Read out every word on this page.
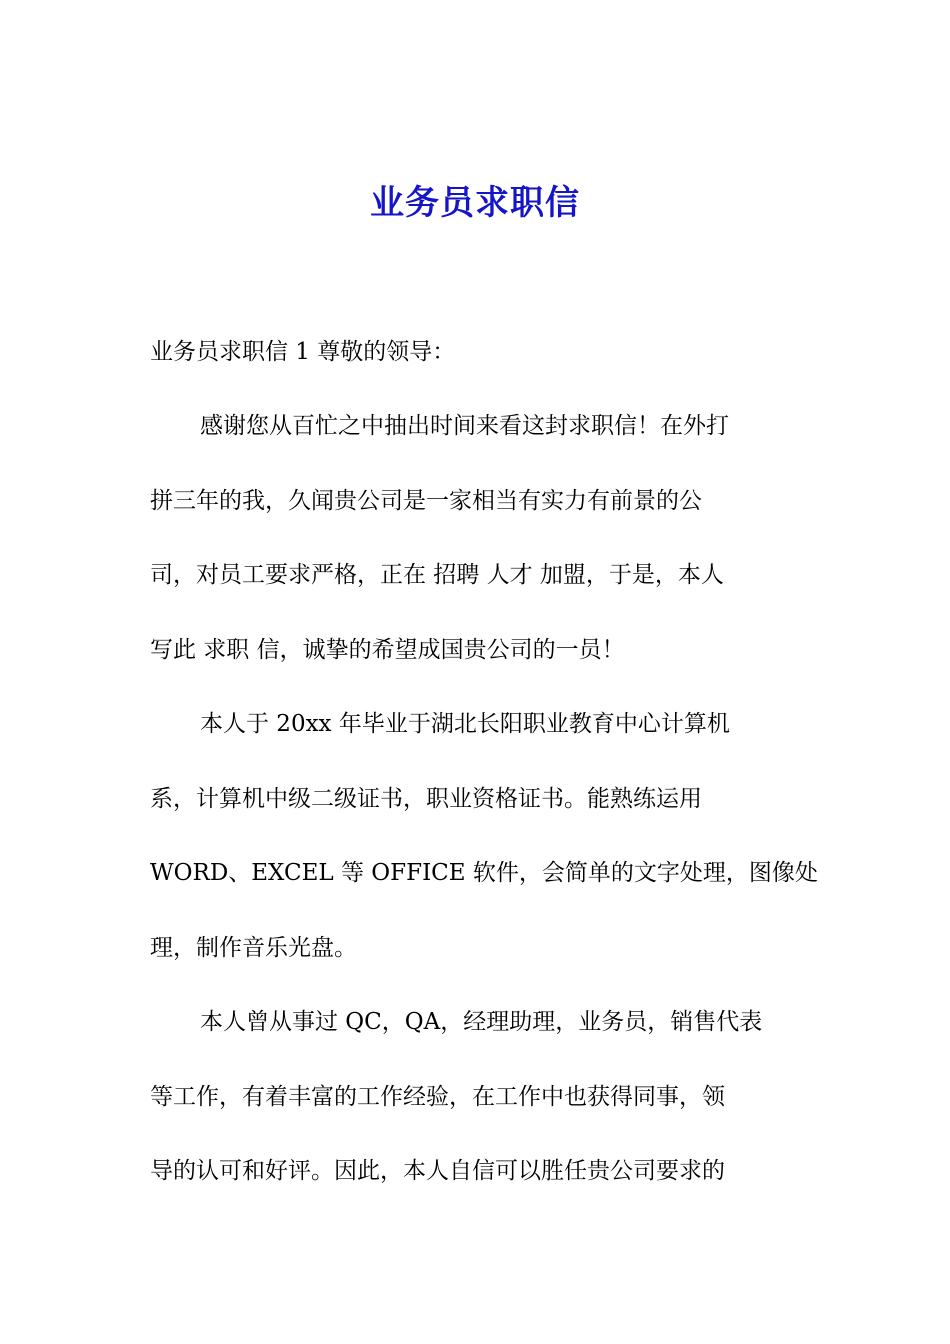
业务员求职信

业务员求职信 1 尊敬的领导：

感谢您从百忙之中抽出时间来看这封求职信！在外打

拼三年的我，久闻贵公司是一家相当有实力有前景的公

司，对员工要求严格，正在 招聘 人才 加盟，于是，本人

写此 求职 信，诚挚的希望成国贵公司的一员！

本人于 20xx 年毕业于湖北长阳职业教育中心计算机

系，计算机中级二级证书，职业资格证书。能熟练运用

WORD、EXCEL 等 OFFICE 软件，会简单的文字处理，图像处

理，制作音乐光盘。

本人曾从事过 QC，QA，经理助理，业务员，销售代表

等工作，有着丰富的工作经验，在工作中也获得同事，领

导的认可和好评。因此，本人自信可以胜任贵公司要求的
